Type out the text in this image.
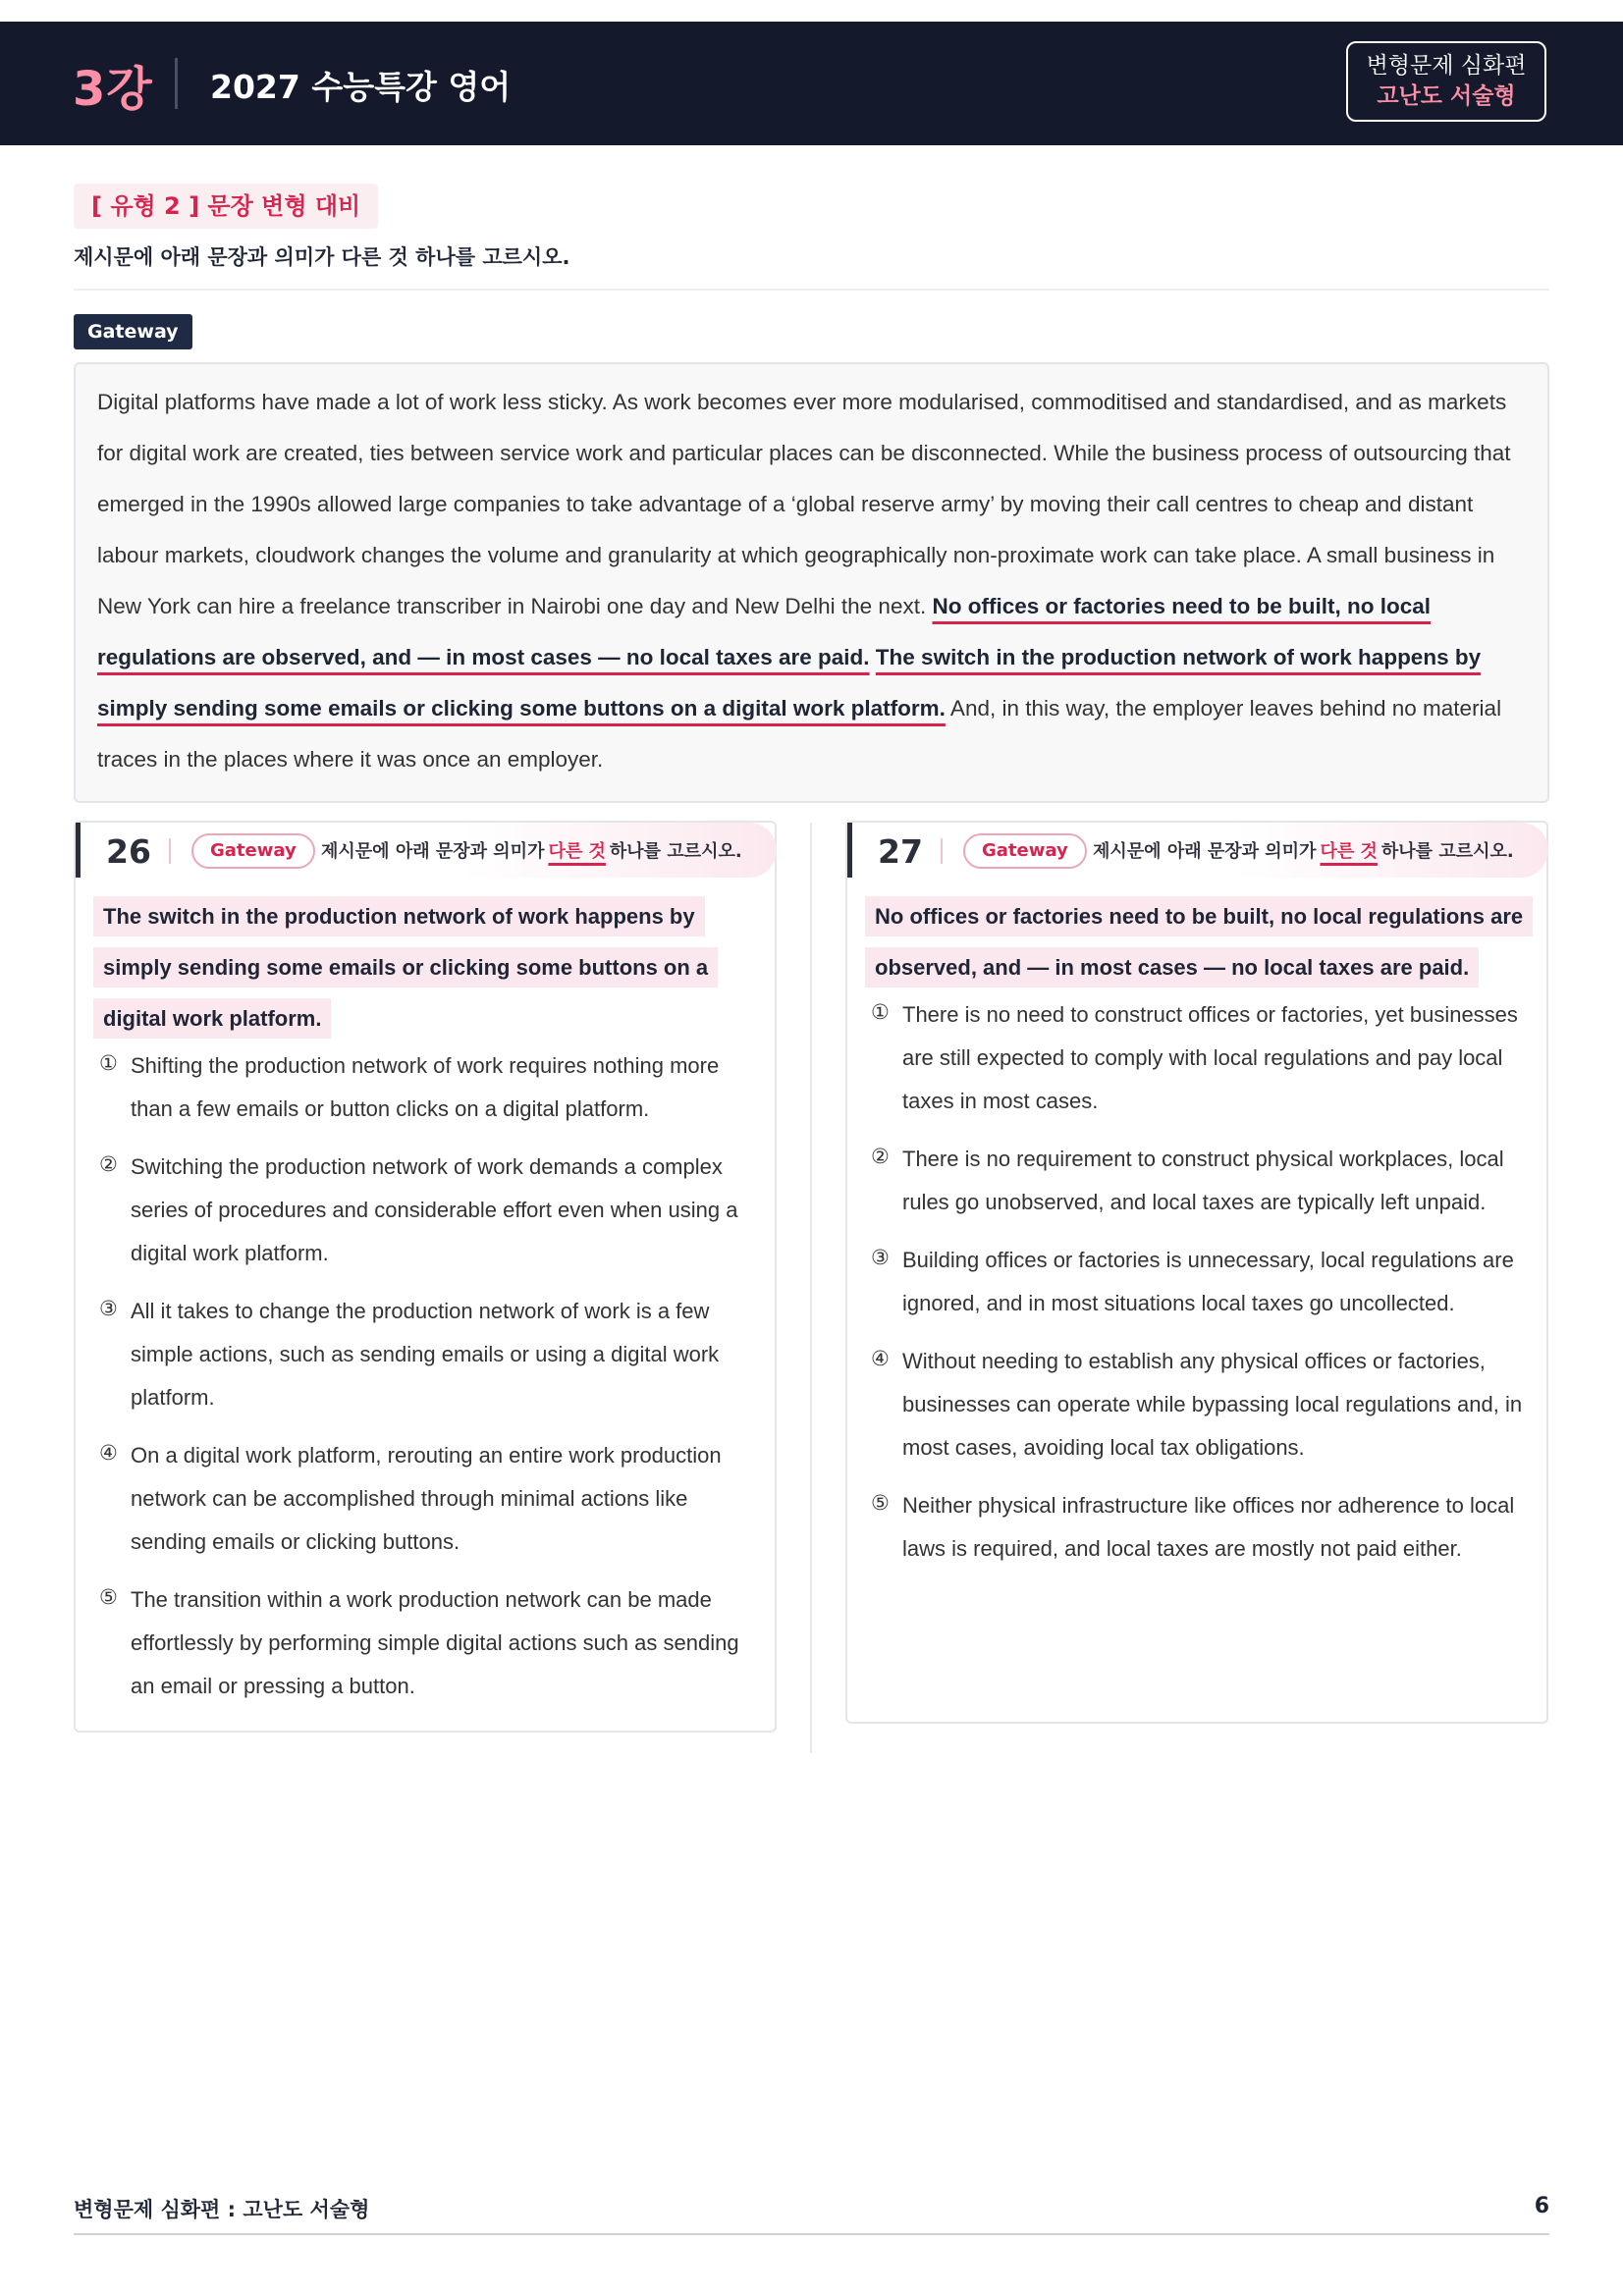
3강 2027 수능특강 영어
변형문제 심화편
고난도 서술형
[ 유형 2 ] 문장 변형 대비
제시문에 아래 문장과 의미가 다른 것 하나를 고르시오.
Gateway
Digital platforms have made a lot of work less sticky. As work becomes ever more modularised, commoditised and standardised, and as markets for digital work are created, ties between service work and particular places can be disconnected. While the business process of outsourcing that emerged in the 1990s allowed large companies to take advantage of a ‘global reserve army’ by moving their call centres to cheap and distant labour markets, cloudwork changes the volume and granularity at which geographically non-proximate work can take place. A small business in New York can hire a freelance transcriber in Nairobi one day and New Delhi the next. No offices or factories need to be built, no local regulations are observed, and — in most cases — no local taxes are paid. The switch in the production network of work happens by simply sending some emails or clicking some buttons on a digital work platform. And, in this way, the employer leaves behind no material traces in the places where it was once an employer.
26	Gateway	제시문에 아래 문장과 의미가 다른 것 하나를 고르시오.
The switch in the production network of work happens by simply sending some emails or clicking some buttons on a digital work platform.
① Shifting the production network of work requires nothing more than a few emails or button clicks on a digital platform.
② Switching the production network of work demands a complex series of procedures and considerable effort even when using a digital work platform.
③ All it takes to change the production network of work is a few simple actions, such as sending emails or using a digital work platform.
④ On a digital work platform, rerouting an entire work production network can be accomplished through minimal actions like sending emails or clicking buttons.
⑤ The transition within a work production network can be made effortlessly by performing simple digital actions such as sending an email or pressing a button.
27	Gateway	제시문에 아래 문장과 의미가 다른 것 하나를 고르시오.
No offices or factories need to be built, no local regulations are observed, and — in most cases — no local taxes are paid.
① There is no need to construct offices or factories, yet businesses are still expected to comply with local regulations and pay local taxes in most cases.
② There is no requirement to construct physical workplaces, local rules go unobserved, and local taxes are typically left unpaid.
③ Building offices or factories is unnecessary, local regulations are ignored, and in most situations local taxes go uncollected.
④ Without needing to establish any physical offices or factories, businesses can operate while bypassing local regulations and, in most cases, avoiding local tax obligations.
⑤ Neither physical infrastructure like offices nor adherence to local laws is required, and local taxes are mostly not paid either.
변형문제 심화편 : 고난도 서술형	6
